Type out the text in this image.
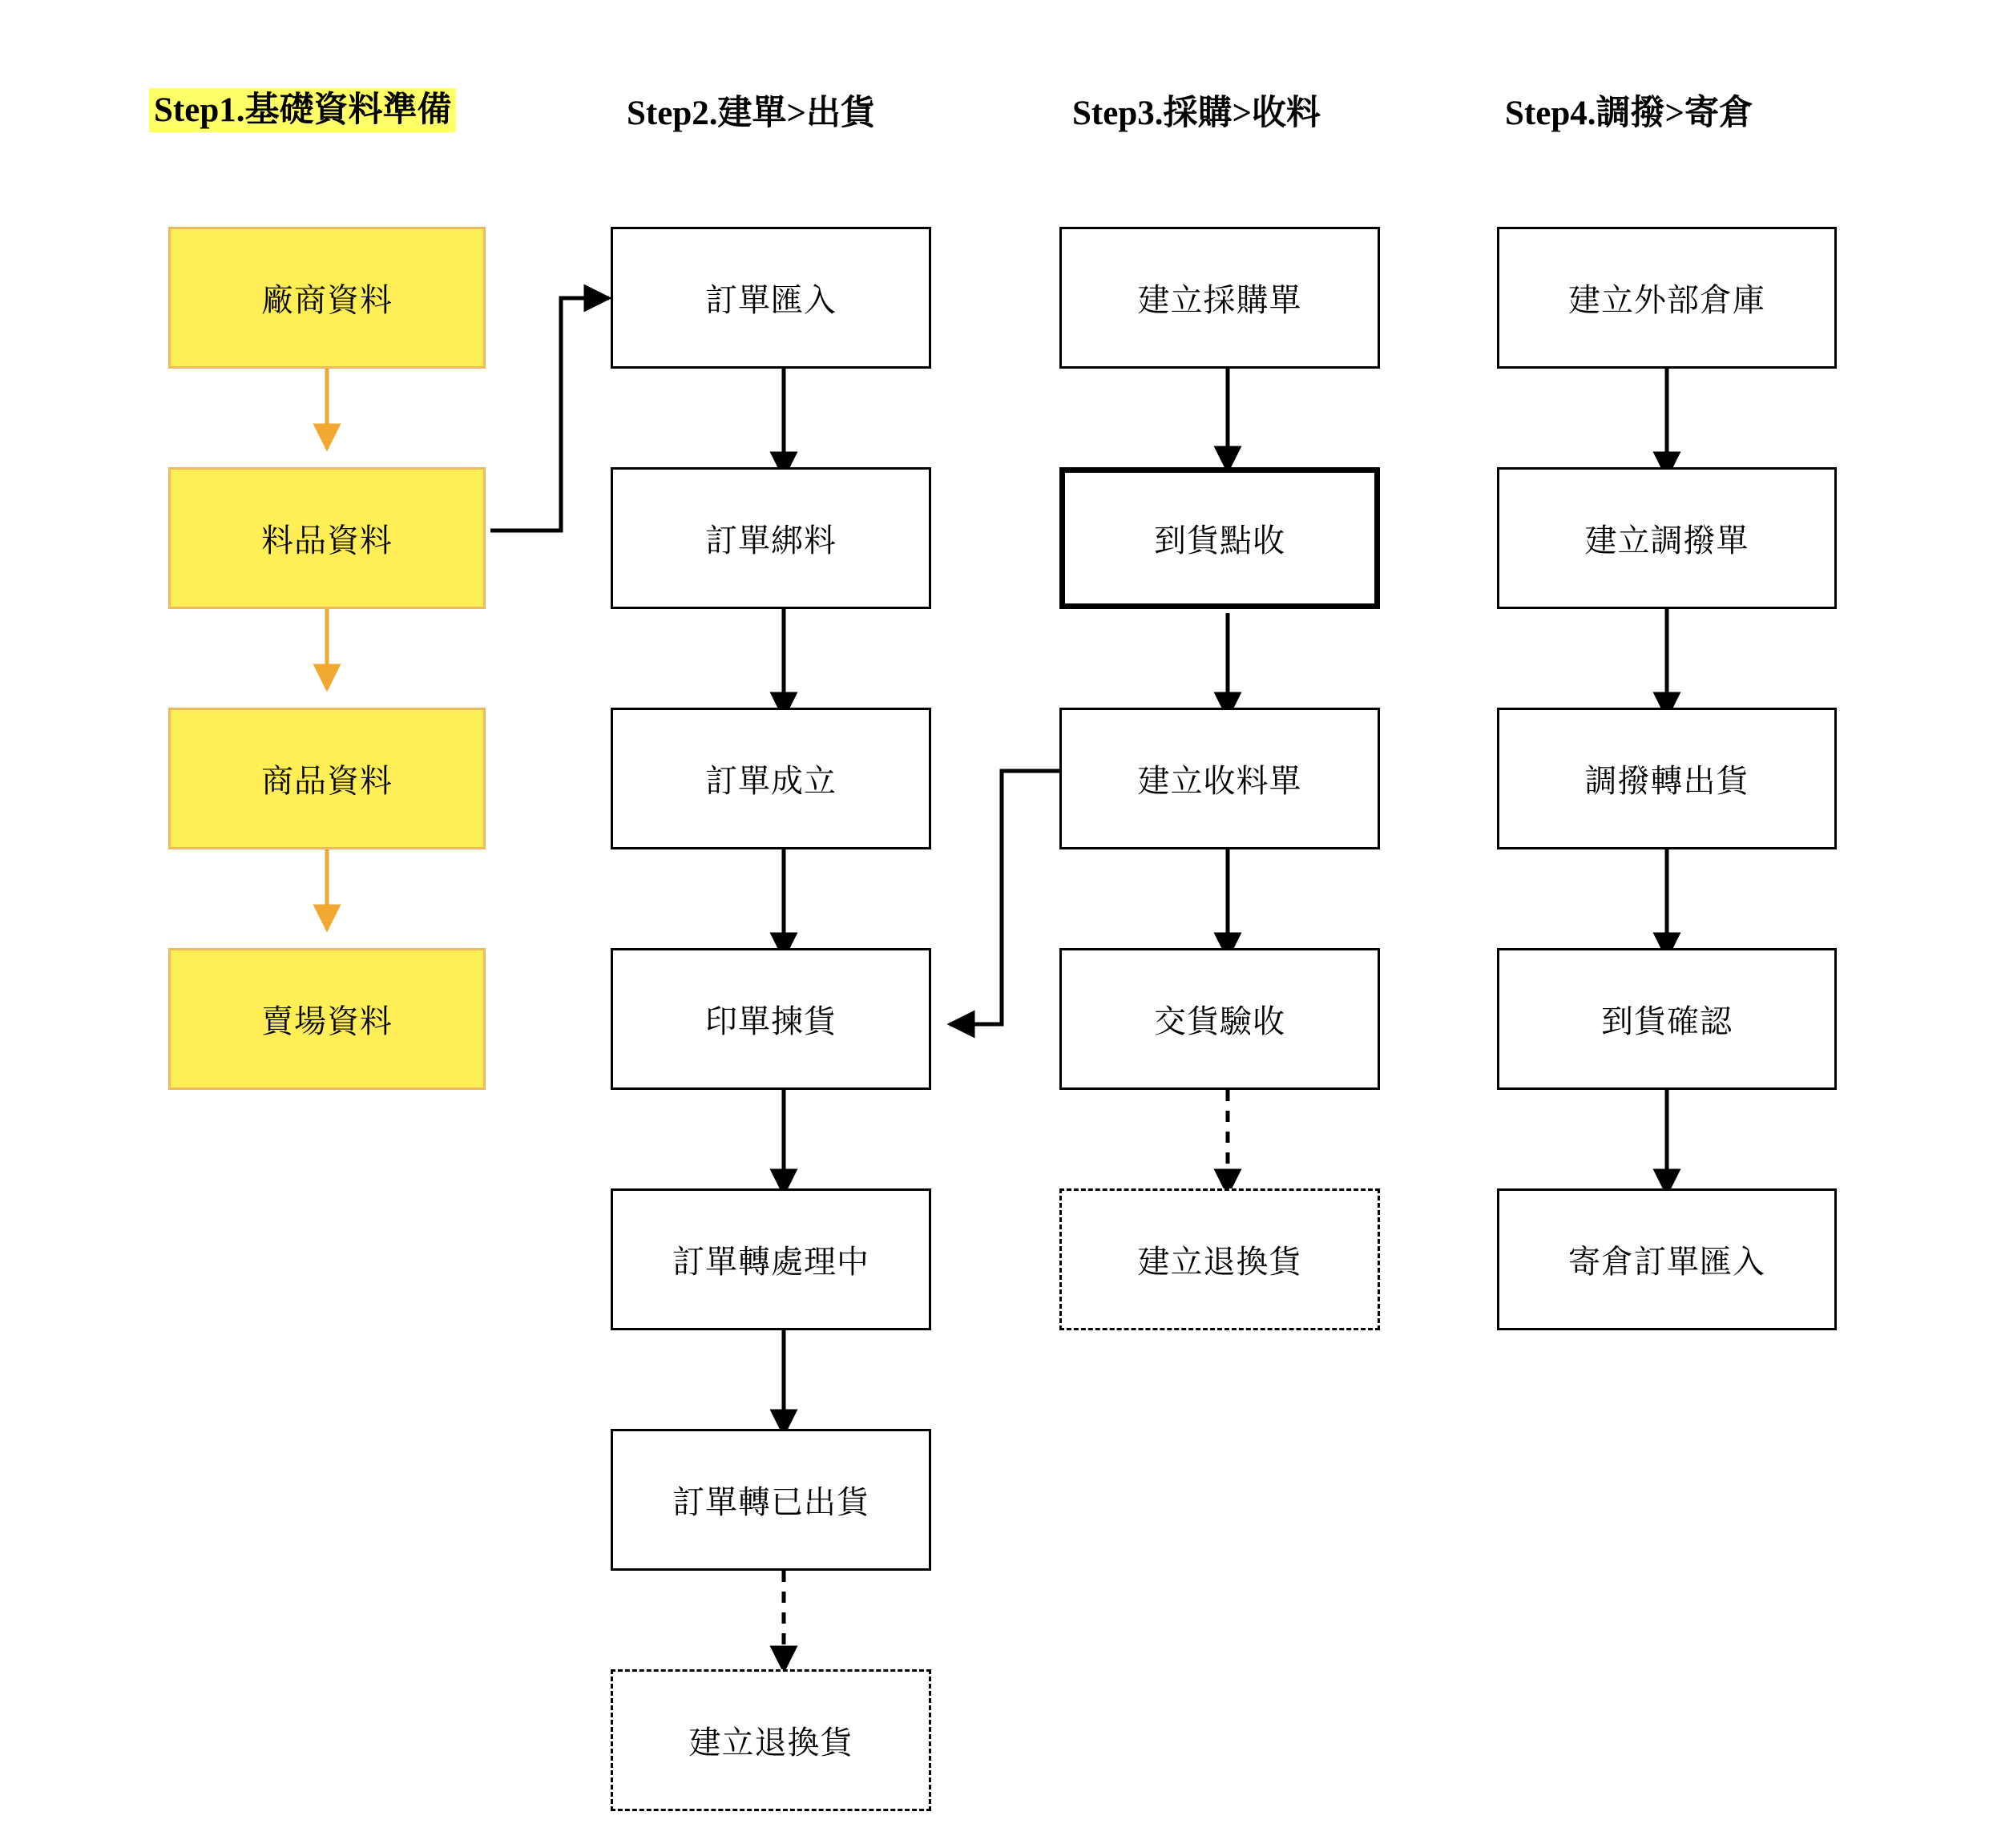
Step1.基礎資料準備	Step2.建單>出貨	Step3.採購>收料	Step4.調撥>寄倉
廠商資料
料品資料
商品資料
賣場資料
訂單匯入
訂單綁料
訂單成立
印單揀貨
訂單轉處理中
訂單轉已出貨
建立退換貨
建立採購單
到貨點收
建立收料單
交貨驗收
建立退換貨
建立外部倉庫
建立調撥單
調撥轉出貨
到貨確認
寄倉訂單匯入
